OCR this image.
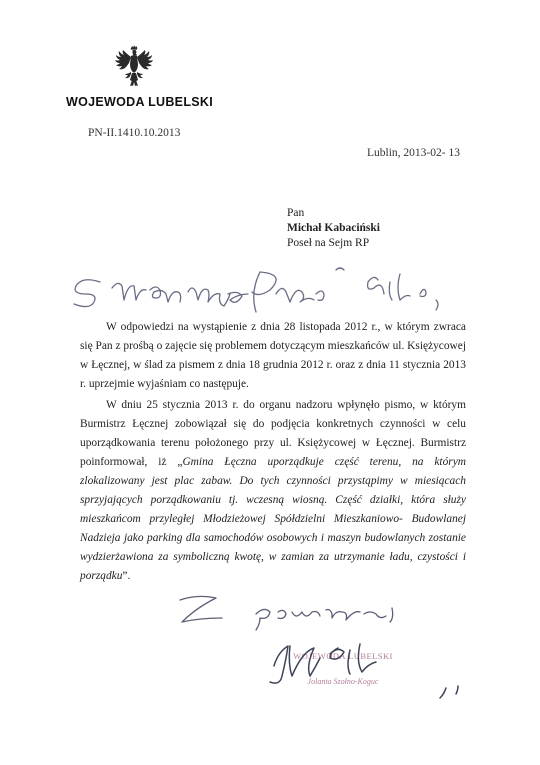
WOJEWODA LUBELSKI
PN-II.1410.10.2013
Lublin, 2013-02- 13
Pan
Michał Kabaciński
Poseł na Sejm RP

W odpowiedzi na wystąpienie z dnia 28 listopada 2012 r., w którym zwraca się Pan z prośbą o zajęcie się problemem dotyczącym mieszkańców ul. Księżycowej w Łęcznej, w ślad za pismem z dnia 18 grudnia 2012 r. oraz z dnia 11 stycznia 2013 r. uprzejmie wyjaśniam co następuje.

W dniu 25 stycznia 2013 r. do organu nadzoru wpłynęło pismo, w którym Burmistrz Łęcznej zobowiązał się do podjęcia konkretnych czynności w celu uporządkowania terenu położonego przy ul. Księżycowej w Łęcznej. Burmistrz poinformował, iż „Gmina Łęczna uporządkuje część terenu, na którym zlokalizowany jest plac zabaw. Do tych czynności przystąpimy w miesiącach sprzyjających porządkowaniu tj. wczesną wiosną. Część działki, która służy mieszkańcom przyległej Młodzieżowej Spółdzielni Mieszkaniowo- Budowlanej Nadzieja jako parking dla samochodów osobowych i maszyn budowlanych zostanie wydzierżawiona za symboliczną kwotę, w zamian za utrzymanie ładu, czystości i porządku”.

WOJEWODA LUBELSKI
Jolanta Szołno-Koguc
